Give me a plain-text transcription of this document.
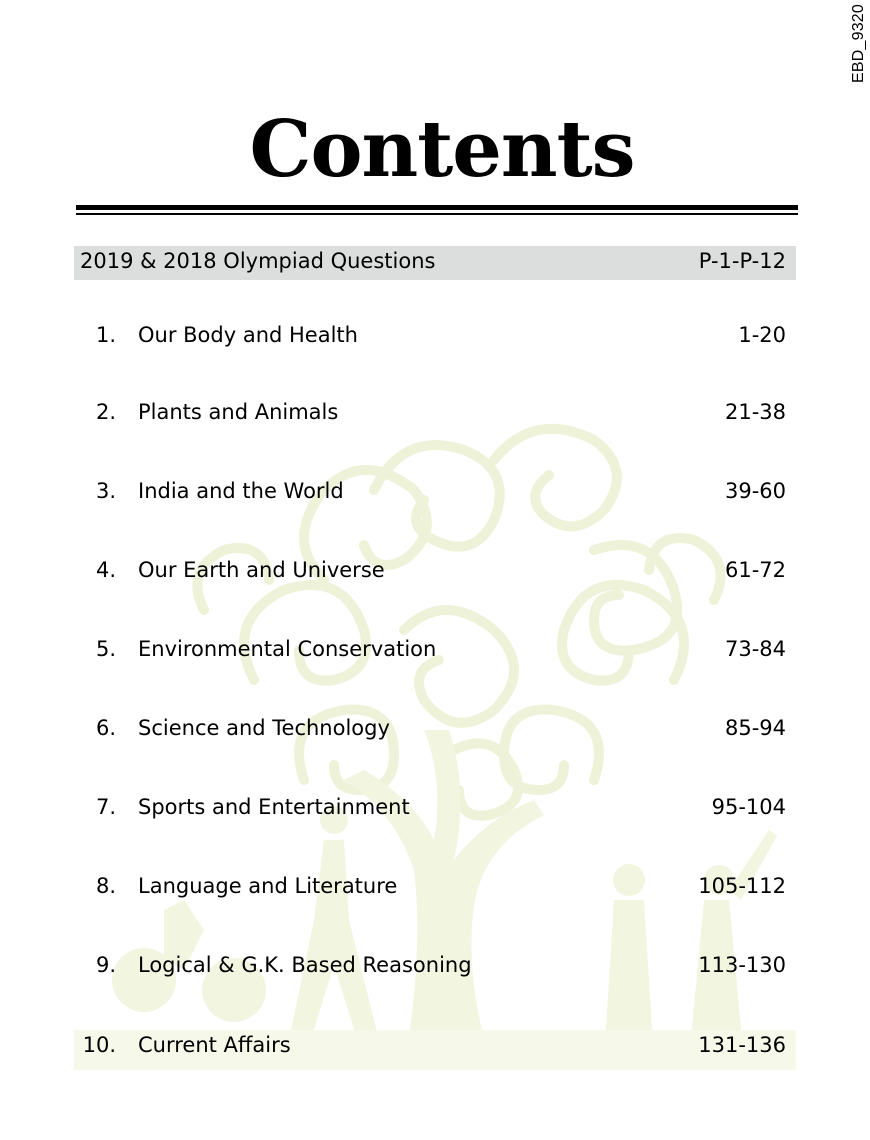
EBD_9320
Contents
2019 & 2018 Olympiad Questions	P-1-P-12
1. Our Body and Health	1-20
2. Plants and Animals	21-38
3. India and the World	39-60
4. Our Earth and Universe	61-72
5. Environmental Conservation	73-84
6. Science and Technology	85-94
7. Sports and Entertainment	95-104
8. Language and Literature	105-112
9. Logical & G.K. Based Reasoning	113-130
10. Current Affairs	131-136
